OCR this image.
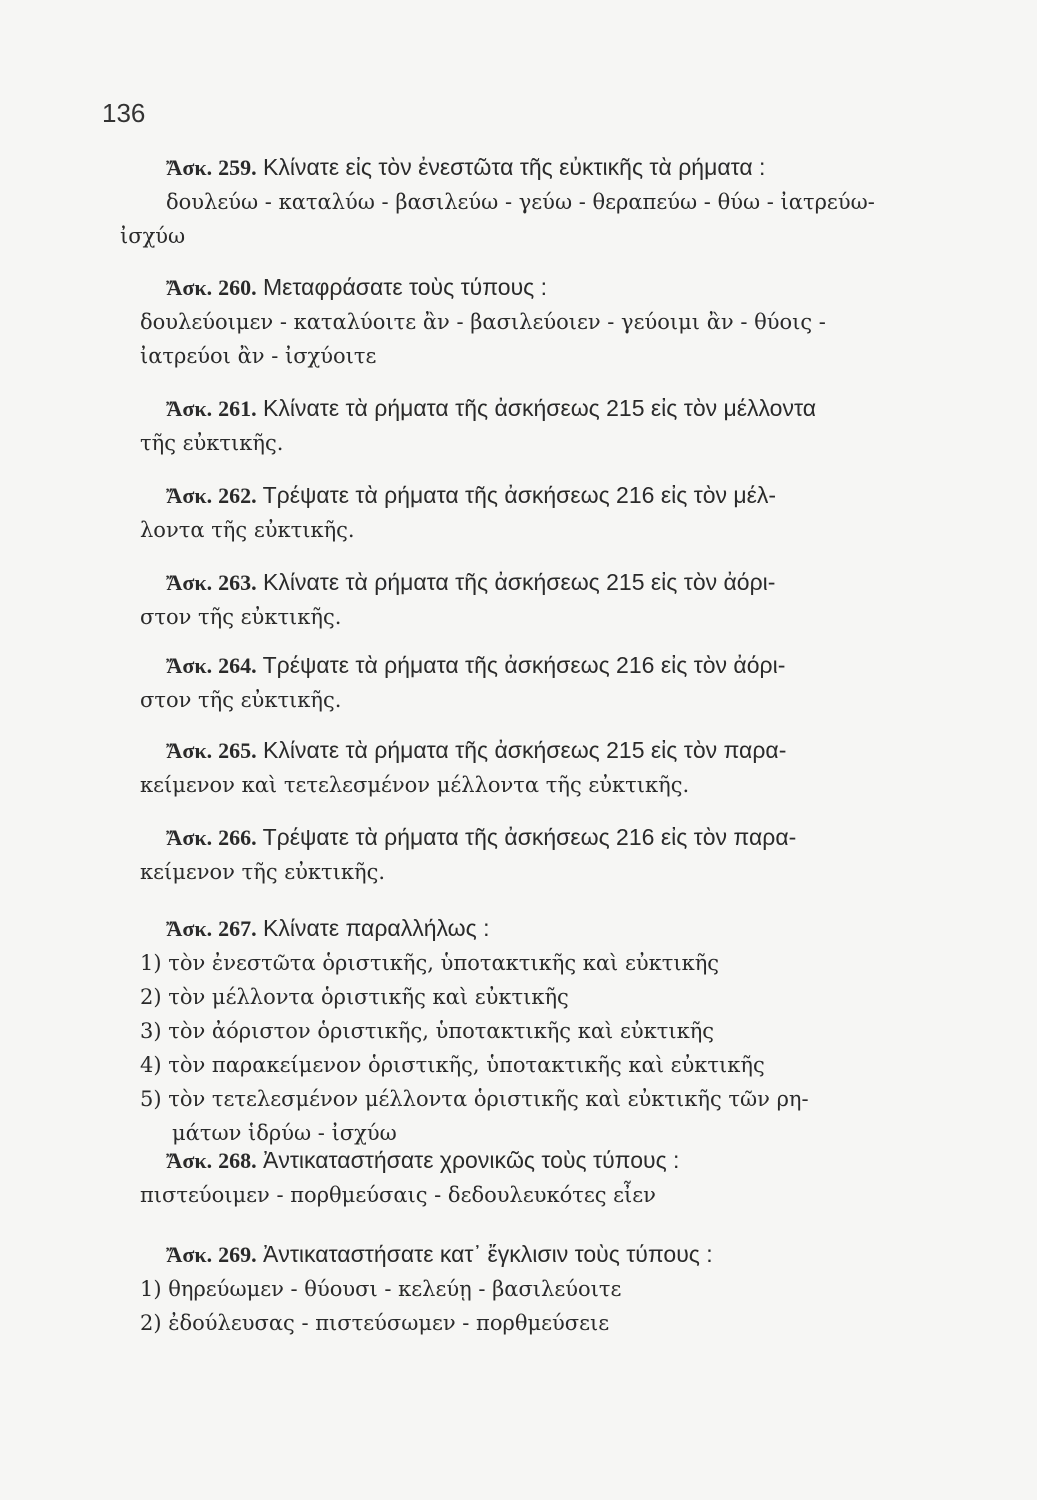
136
Ἄσκ. 259. Κλίνατε εἰς τὸν ἐνεστῶτα τῆς εὐκτικῆς τὰ ρήματα :
δουλεύω - καταλύω - βασιλεύω - γεύω - θεραπεύω - θύω - ἰατρεύω-
ἰσχύω
Ἄσκ. 260. Μεταφράσατε τοὺς τύπους :
δουλεύοιμεν - καταλύοιτε ἂν - βασιλεύοιεν - γεύοιμι ἂν - θύοις -
ἰατρεύοι ἂν - ἰσχύοιτε
Ἄσκ. 261. Κλίνατε τὰ ρήματα τῆς ἀσκήσεως 215 εἰς τὸν μέλλοντα
τῆς εὐκτικῆς.
Ἄσκ. 262. Τρέψατε τὰ ρήματα τῆς ἀσκήσεως 216 εἰς τὸν μέλ-
λοντα τῆς εὐκτικῆς.
Ἄσκ. 263. Κλίνατε τὰ ρήματα τῆς ἀσκήσεως 215 εἰς τὸν ἀόρι-
στον τῆς εὐκτικῆς.
Ἄσκ. 264. Τρέψατε τὰ ρήματα τῆς ἀσκήσεως 216 εἰς τὸν ἀόρι-
στον τῆς εὐκτικῆς.
Ἄσκ. 265. Κλίνατε τὰ ρήματα τῆς ἀσκήσεως 215 εἰς τὸν παρα-
κείμενον καὶ τετελεσμένον μέλλοντα τῆς εὐκτικῆς.
Ἄσκ. 266. Τρέψατε τὰ ρήματα τῆς ἀσκήσεως 216 εἰς τὸν παρα-
κείμενον τῆς εὐκτικῆς.
Ἄσκ. 267. Κλίνατε παραλλήλως :
1) τὸν ἐνεστῶτα ὁριστικῆς, ὑποτακτικῆς καὶ εὐκτικῆς
2) τὸν μέλλοντα ὁριστικῆς καὶ εὐκτικῆς
3) τὸν ἀόριστον ὁριστικῆς, ὑποτακτικῆς καὶ εὐκτικῆς
4) τὸν παρακείμενον ὁριστικῆς, ὑποτακτικῆς καὶ εὐκτικῆς
5) τὸν τετελεσμένον μέλλοντα ὁριστικῆς καὶ εὐκτικῆς τῶν ρη-
μάτων ἱδρύω - ἰσχύω
Ἄσκ. 268. Ἀντικαταστήσατε χρονικῶς τοὺς τύπους :
πιστεύοιμεν - πορθμεύσαις - δεδουλευκότες εἶεν
Ἄσκ. 269. Ἀντικαταστήσατε κατ᾽ ἔγκλισιν τοὺς τύπους :
1) θηρεύωμεν - θύουσι - κελεύῃ - βασιλεύοιτε
2) ἐδούλευσας - πιστεύσωμεν - πορθμεύσειε
